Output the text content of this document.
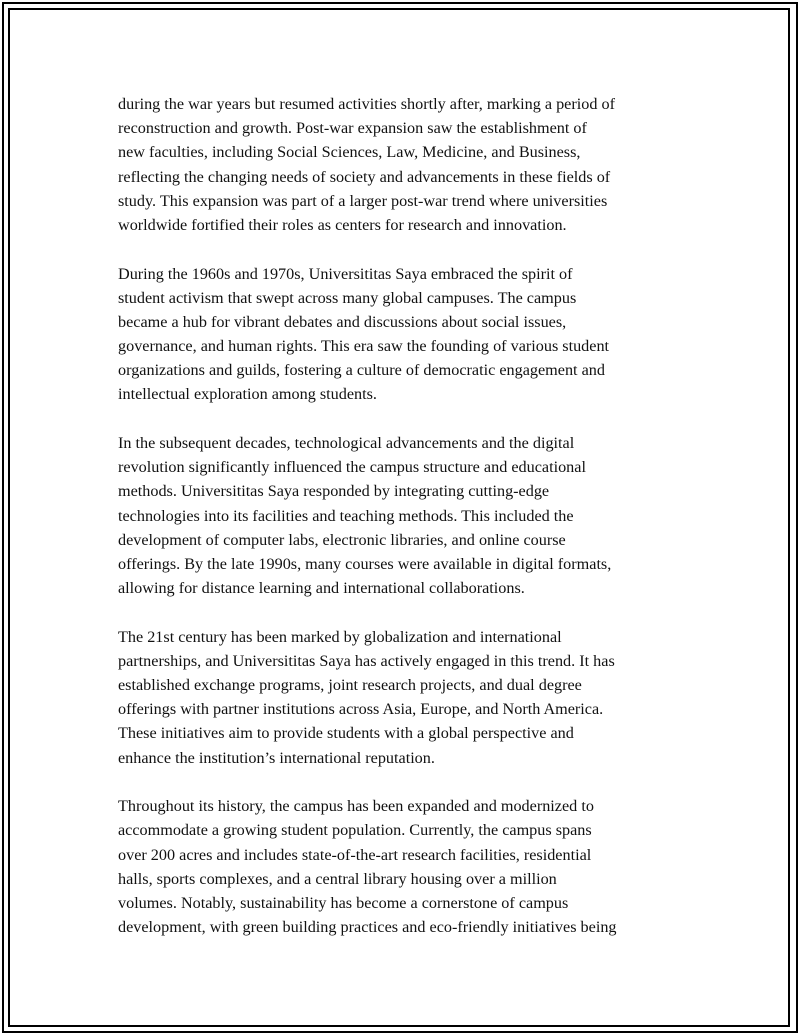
during the war years but resumed activities shortly after, marking a period of
reconstruction and growth. Post-war expansion saw the establishment of
new faculties, including Social Sciences, Law, Medicine, and Business,
reflecting the changing needs of society and advancements in these fields of
study. This expansion was part of a larger post-war trend where universities
worldwide fortified their roles as centers for research and innovation.
During the 1960s and 1970s, Universititas Saya embraced the spirit of
student activism that swept across many global campuses. The campus
became a hub for vibrant debates and discussions about social issues,
governance, and human rights. This era saw the founding of various student
organizations and guilds, fostering a culture of democratic engagement and
intellectual exploration among students.
In the subsequent decades, technological advancements and the digital
revolution significantly influenced the campus structure and educational
methods. Universititas Saya responded by integrating cutting-edge
technologies into its facilities and teaching methods. This included the
development of computer labs, electronic libraries, and online course
offerings. By the late 1990s, many courses were available in digital formats,
allowing for distance learning and international collaborations.
The 21st century has been marked by globalization and international
partnerships, and Universititas Saya has actively engaged in this trend. It has
established exchange programs, joint research projects, and dual degree
offerings with partner institutions across Asia, Europe, and North America.
These initiatives aim to provide students with a global perspective and
enhance the institution’s international reputation.
Throughout its history, the campus has been expanded and modernized to
accommodate a growing student population. Currently, the campus spans
over 200 acres and includes state-of-the-art research facilities, residential
halls, sports complexes, and a central library housing over a million
volumes. Notably, sustainability has become a cornerstone of campus
development, with green building practices and eco-friendly initiatives being
